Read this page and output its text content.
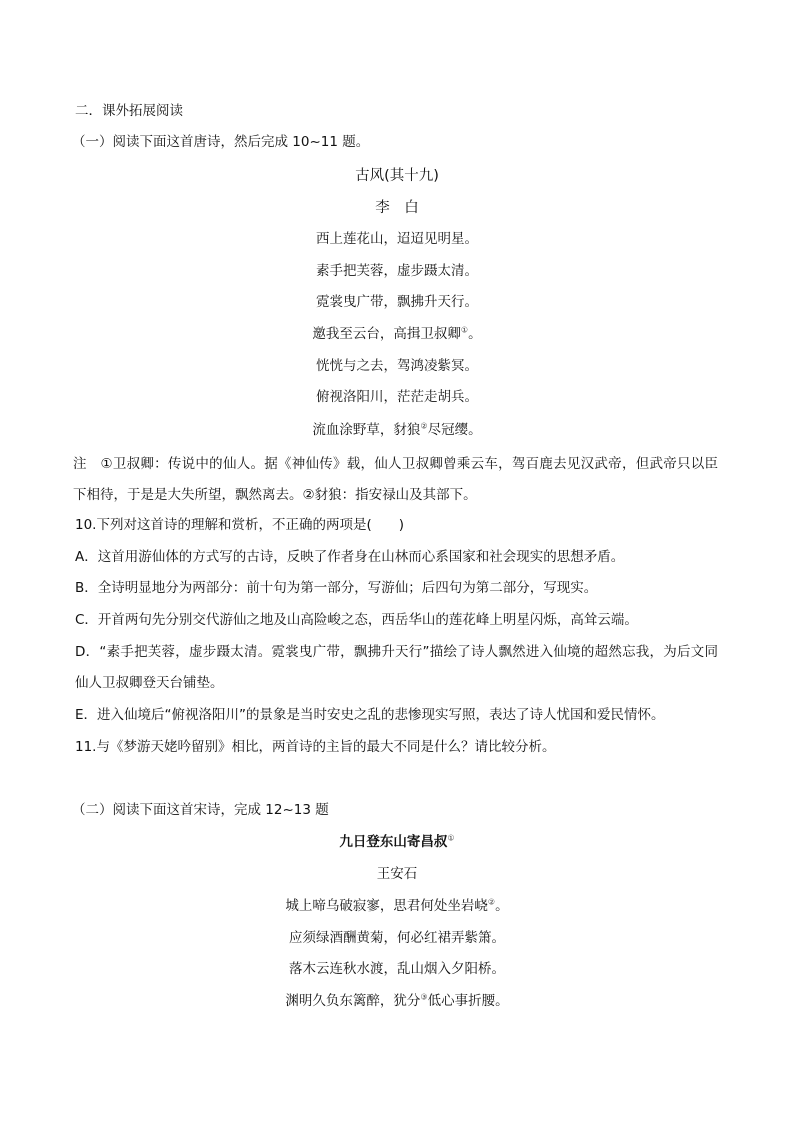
二．课外拓展阅读
（一）阅读下面这首唐诗，然后完成 10~11 题。
古风(其十九)
李　白
西上莲花山，迢迢见明星。
素手把芙蓉，虚步蹑太清。
霓裳曳广带，飘拂升天行。
邀我至云台，高揖卫叔卿①。
恍恍与之去，驾鸿凌紫冥。
俯视洛阳川，茫茫走胡兵。
流血涂野草，豺狼②尽冠缨。
注　①卫叔卿：传说中的仙人。据《神仙传》载，仙人卫叔卿曾乘云车，驾百鹿去见汉武帝，但武帝只以臣下相待，于是是大失所望，飘然离去。②豺狼：指安禄山及其部下。
10.下列对这首诗的理解和赏析，不正确的两项是(　　)
A．这首用游仙体的方式写的古诗，反映了作者身在山林而心系国家和社会现实的思想矛盾。
B．全诗明显地分为两部分：前十句为第一部分，写游仙；后四句为第二部分，写现实。
C．开首两句先分别交代游仙之地及山高险峻之态，西岳华山的莲花峰上明星闪烁，高耸云端。
D．“素手把芙蓉，虚步蹑太清。霓裳曳广带，飘拂升天行”描绘了诗人飘然进入仙境的超然忘我，为后文同仙人卫叔卿登天台铺垫。
E．进入仙境后“俯视洛阳川”的景象是当时安史之乱的悲惨现实写照，表达了诗人忧国和爱民情怀。
11.与《梦游天姥吟留别》相比，两首诗的主旨的最大不同是什么？请比较分析。
（二）阅读下面这首宋诗，完成 12~13 题
九日登东山寄昌叔①
王安石
城上啼乌破寂寥，思君何处坐岩峣②。
应须绿酒酬黄菊，何必红裙弄紫箫。
落木云连秋水渡，乱山烟入夕阳桥。
渊明久负东篱醉，犹分③低心事折腰。
